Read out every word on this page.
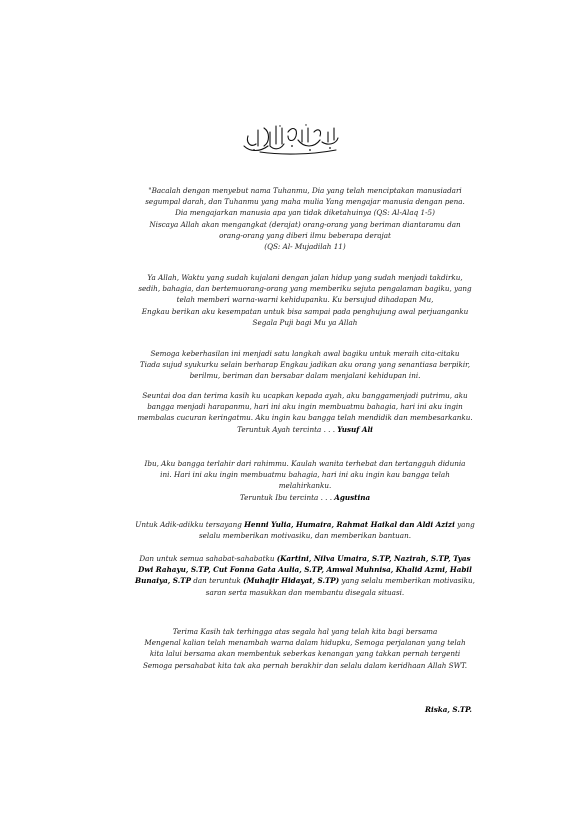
بسم الله الرحمن الرحيم

"Bacalah dengan menyebut nama Tuhanmu, Dia yang telah menciptakan manusiadari

segumpal darah, dan Tuhanmu yang maha mulia Yang mengajar manusia dengan pena.

Dia mengajarkan manusia apa yan tidak diketahuinya (QS: Al-Alaq 1-5)

Niscaya Allah akan mengangkat (derajat) orang-orang yang beriman diantaramu dan

orang-orang yang diberi ilmu beberapa derajat

(QS: Al- Mujadilah 11)

Ya Allah, Waktu yang sudah kujalani dengan jalan hidup yang sudah menjadi takdirku,

sedih, bahagia, dan bertemuorang-orang yang memberiku sejuta pengalaman bagiku, yang

telah memberi warna-warni kehidupanku. Ku bersujud dihadapan Mu,

Engkau berikan aku kesempatan untuk bisa sampai pada penghujung awal perjuanganku

Segala Puji bagi Mu ya Allah

Semoga keberhasilan ini menjadi satu langkah awal bagiku untuk meraih cita-citaku

Tiada sujud syukurku selain berharap Engkau jadikan aku orang yang senantiasa berpikir,

berilmu, beriman dan bersabar dalam menjalani kehidupan ini.

Seuntai doa dan terima kasih ku ucapkan kepada ayah, aku banggamenjadi putrimu, aku

bangga menjadi harapanmu, hari ini aku ingin membuatmu bahagia, hari ini aku ingin

membalas cucuran keringatmu. Aku ingin kau bangga telah mendidik dan membesarkanku.

Teruntuk Ayah tercinta . . . Yusuf Ali

Ibu, Aku bangga terlahir dari rahimmu. Kaulah wanita terhebat dan tertangguh didunia

ini. Hari ini aku ingin membuatmu bahagia, hari ini aku ingin kau bangga telah

melahirkanku.

Teruntuk Ibu tercinta . . . Agustina

Untuk Adik-adikku tersayang Henni Yulia, Humaira, Rahmat Haikal dan Aldi Azizi yang

selalu memberikan motivasiku, dan memberikan bantuan.

Dan untuk semua sahabat-sahabatku (Kartini, Nilva Umaira, S.TP, Nazirah, S.TP, Tyas

Dwi Rahayu, S.TP, Cut Fonna Gata Aulia, S.TP, Amwal Muhnisa, Khalid Azmi, Habil

Bunaiya, S.TP dan teruntuk (Muhajir Hidayat, S.TP) yang selalu memberikan motivasiku,

saran serta masukkan dan membantu disegala situasi.

Terima Kasih tak terhingga atas segala hal yang telah kita bagi bersama

Mengenal kalian telah menambah warna dalam hidupku, Semoga perjalanan yang telah

kita lalui bersama akan membentuk seberkas kenangan yang takkan pernah tergenti

Semoga persahabat kita tak aka pernah berakhir dan selalu dalam keridhaan Allah SWT.

Riska, S.TP.
